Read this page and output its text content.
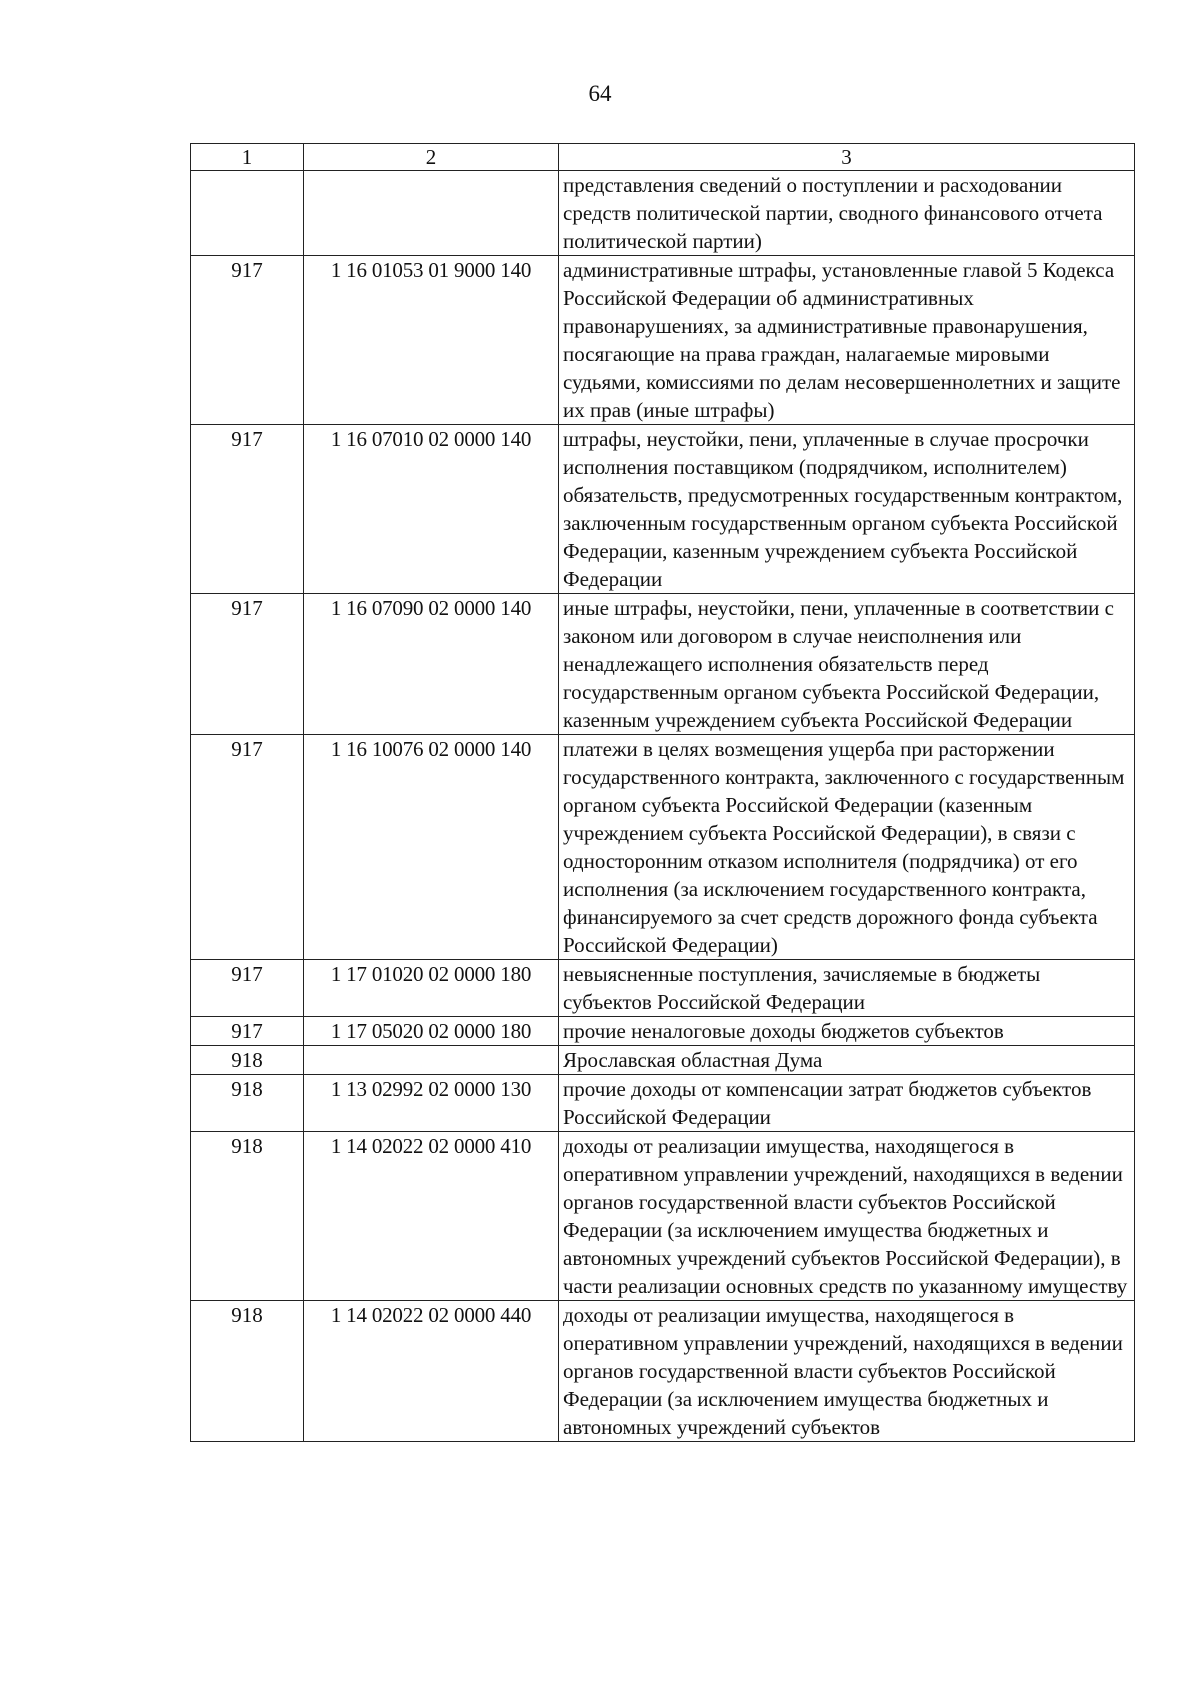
64
1	2	3
		представления сведений о поступлении и расходовании средств политической партии, сводного финансового отчета политической партии)
917	1 16 01053 01 9000 140	административные штрафы, установленные главой 5 Кодекса Российской Федерации об административных правонарушениях, за административные правонарушения, посягающие на права граждан, налагаемые мировыми судьями, комиссиями по делам несовершеннолетних и защите их прав (иные штрафы)
917	1 16 07010 02 0000 140	штрафы, неустойки, пени, уплаченные в случае просрочки исполнения поставщиком (подрядчиком, исполнителем) обязательств, предусмотренных государственным контрактом, заключенным государственным органом субъекта Российской Федерации, казенным учреждением субъекта Российской Федерации
917	1 16 07090 02 0000 140	иные штрафы, неустойки, пени, уплаченные в соответствии с законом или договором в случае неисполнения или ненадлежащего исполнения обязательств перед государственным органом субъекта Российской Федерации, казенным учреждением субъекта Российской Федерации
917	1 16 10076 02 0000 140	платежи в целях возмещения ущерба при расторжении государственного контракта, заключенного с государственным органом субъекта Российской Федерации (казенным учреждением субъекта Российской Федерации), в связи с односторонним отказом исполнителя (подрядчика) от его исполнения (за исключением государственного контракта, финансируемого за счет средств дорожного фонда субъекта Российской Федерации)
917	1 17 01020 02 0000 180	невыясненные поступления, зачисляемые в бюджеты субъектов Российской Федерации
917	1 17 05020 02 0000 180	прочие неналоговые доходы бюджетов субъектов
918		Ярославская областная Дума
918	1 13 02992 02 0000 130	прочие доходы от компенсации затрат бюджетов субъектов Российской Федерации
918	1 14 02022 02 0000 410	доходы от реализации имущества, находящегося в оперативном управлении учреждений, находящихся в ведении органов государственной власти субъектов Российской Федерации (за исключением имущества бюджетных и автономных учреждений субъектов Российской Федерации), в части реализации основных средств по указанному имуществу
918	1 14 02022 02 0000 440	доходы от реализации имущества, находящегося в оперативном управлении учреждений, находящихся в ведении органов государственной власти субъектов Российской Федерации (за исключением имущества бюджетных и автономных учреждений субъектов
